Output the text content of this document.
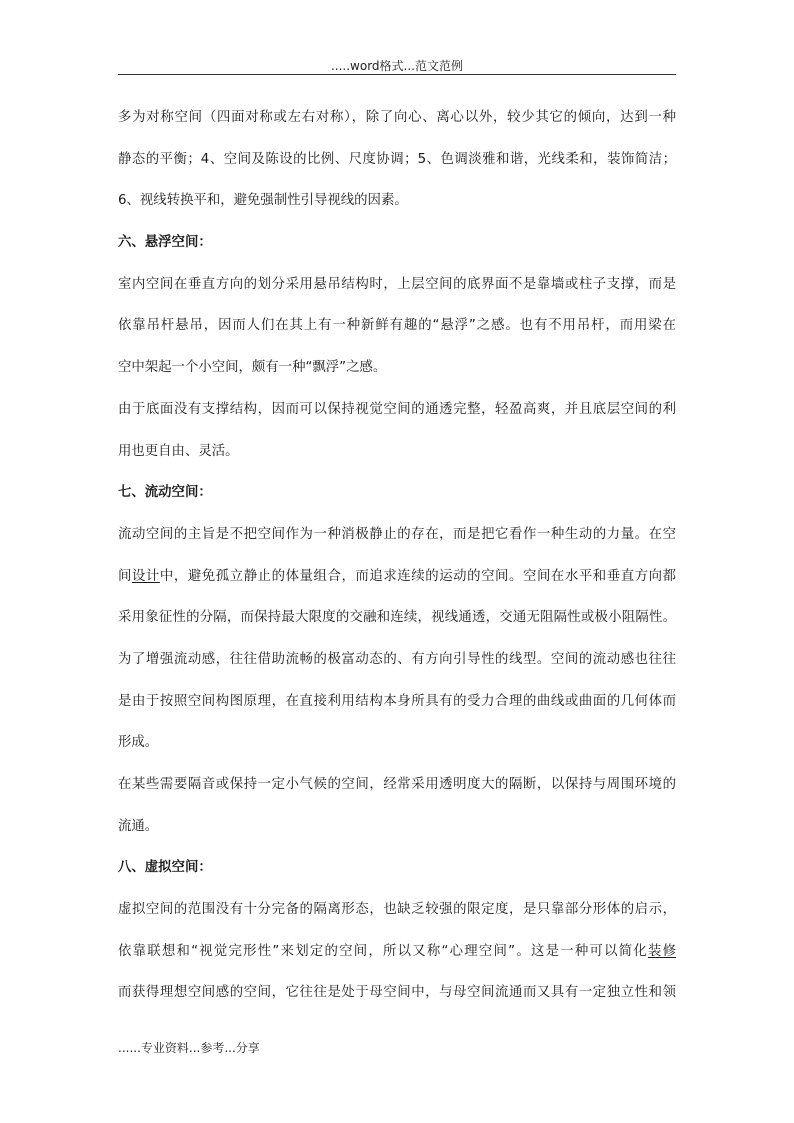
.....word格式...范文范例
多为对称空间（四面对称或左右对称），除了向心、离心以外，较少其它的倾向，达到一种
静态的平衡；4、空间及陈设的比例、尺度协调；5、色调淡雅和谐，光线柔和，装饰简洁；
6、视线转换平和，避免强制性引导视线的因素。
六、悬浮空间：
室内空间在垂直方向的划分采用悬吊结构时，上层空间的底界面不是靠墙或柱子支撑，而是
依靠吊杆悬吊，因而人们在其上有一种新鲜有趣的“悬浮”之感。也有不用吊杆，而用梁在
空中架起一个小空间，颇有一种“飘浮”之感。
由于底面没有支撑结构，因而可以保持视觉空间的通透完整，轻盈高爽，并且底层空间的利
用也更自由、灵活。
七、流动空间：
流动空间的主旨是不把空间作为一种消极静止的存在，而是把它看作一种生动的力量。在空
间设计中，避免孤立静止的体量组合，而追求连续的运动的空间。空间在水平和垂直方向都
采用象征性的分隔，而保持最大限度的交融和连续，视线通透，交通无阻隔性或极小阻隔性。
为了增强流动感，往往借助流畅的极富动态的、有方向引导性的线型。空间的流动感也往往
是由于按照空间构图原理，在直接利用结构本身所具有的受力合理的曲线或曲面的几何体而
形成。
在某些需要隔音或保持一定小气候的空间，经常采用透明度大的隔断，以保持与周围环境的
流通。
八、虚拟空间：
虚拟空间的范围没有十分完备的隔离形态，也缺乏较强的限定度，是只靠部分形体的启示，
依靠联想和“视觉完形性”来划定的空间，所以又称“心理空间”。这是一种可以简化装修
而获得理想空间感的空间，它往往是处于母空间中，与母空间流通而又具有一定独立性和领
......专业资料...参考...分享
